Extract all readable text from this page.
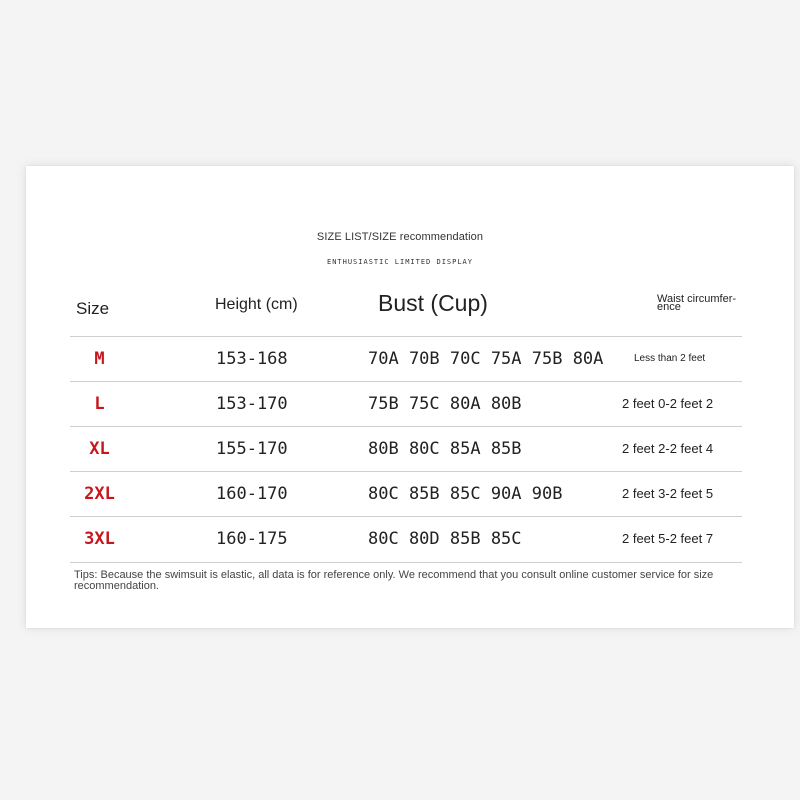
SIZE LIST/SIZE recommendation
ENTHUSIASTIC LIMITED DISPLAY
Size	Height (cm)	Bust (Cup)	Waist circumfer-ence
M	153-168	70A 70B 70C 75A 75B 80A	Less than 2 feet
L	153-170	75B 75C 80A 80B	2 feet 0-2 feet 2
XL	155-170	80B 80C 85A 85B	2 feet 2-2 feet 4
2XL	160-170	80C 85B 85C 90A 90B	2 feet 3-2 feet 5
3XL	160-175	80C 80D 85B 85C	2 feet 5-2 feet 7
Tips: Because the swimsuit is elastic, all data is for reference only. We recommend that you consult online customer service for size recommendation.
